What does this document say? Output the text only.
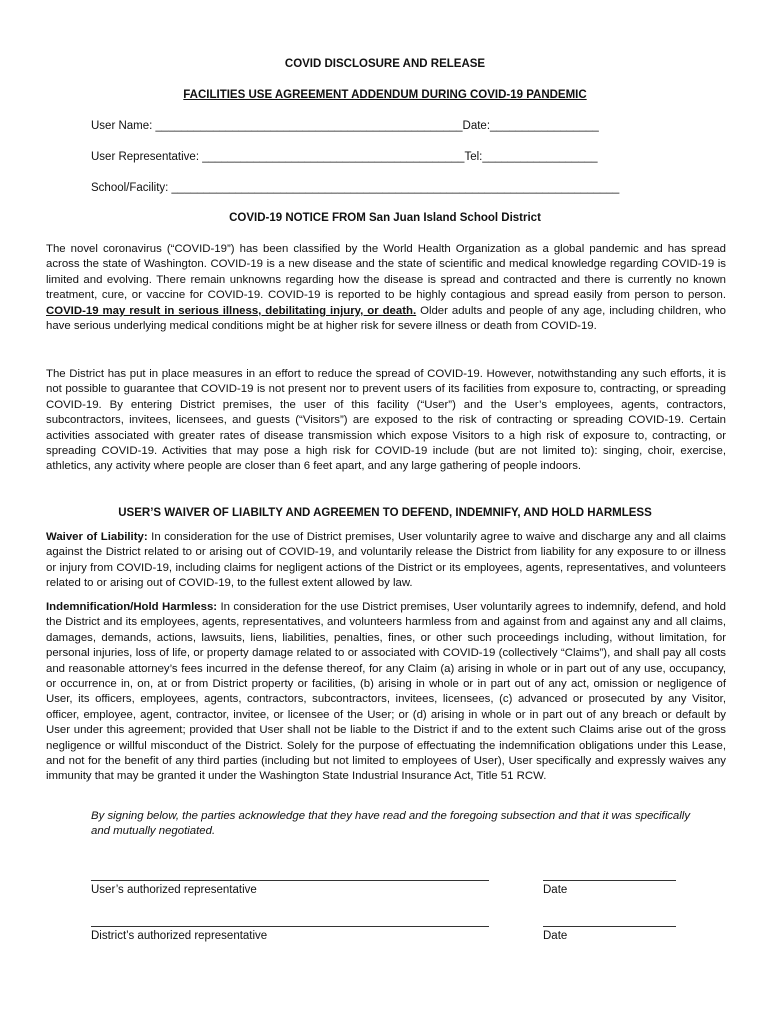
COVID DISCLOSURE AND RELEASE
FACILITIES USE AGREEMENT ADDENDUM DURING COVID-19 PANDEMIC
User Name: ________________________________________________Date:_________________
User Representative: _________________________________________Tel:__________________
School/Facility: ______________________________________________________________________
COVID-19 NOTICE FROM San Juan Island School District

The novel coronavirus (“COVID-19”) has been classified by the World Health Organization as a global pandemic and has spread across the state of Washington. COVID-19 is a new disease and the state of scientific and medical knowledge regarding COVID-19 is limited and evolving. There remain unknowns regarding how the disease is spread and contracted and there is currently no known treatment, cure, or vaccine for COVID-19. COVID-19 is reported to be highly contagious and spread easily from person to person. COVID-19 may result in serious illness, debilitating injury, or death. Older adults and people of any age, including children, who have serious underlying medical conditions might be at higher risk for severe illness or death from COVID-19.

The District has put in place measures in an effort to reduce the spread of COVID-19. However, notwithstanding any such efforts, it is not possible to guarantee that COVID-19 is not present nor to prevent users of its facilities from exposure to, contracting, or spreading COVID-19. By entering District premises, the user of this facility (“User”) and the User’s employees, agents, contractors, subcontractors, invitees, licensees, and guests (“Visitors”) are exposed to the risk of contracting or spreading COVID-19. Certain activities associated with greater rates of disease transmission which expose Visitors to a high risk of exposure to, contracting, or spreading COVID-19. Activities that may pose a high risk for COVID-19 include (but are not limited to): singing, choir, exercise, athletics, any activity where people are closer than 6 feet apart, and any large gathering of people indoors.

USER’S WAIVER OF LIABILTY AND AGREEMEN TO DEFEND, INDEMNIFY, AND HOLD HARMLESS

Waiver of Liability: In consideration for the use of District premises, User voluntarily agree to waive and discharge any and all claims against the District related to or arising out of COVID-19, and voluntarily release the District from liability for any exposure to or illness or injury from COVID-19, including claims for negligent actions of the District or its employees, agents, representatives, and volunteers related to or arising out of COVID-19, to the fullest extent allowed by law.

Indemnification/Hold Harmless: In consideration for the use District premises, User voluntarily agrees to indemnify, defend, and hold the District and its employees, agents, representatives, and volunteers harmless from and against from and against any and all claims, damages, demands, actions, lawsuits, liens, liabilities, penalties, fines, or other such proceedings including, without limitation, for personal injuries, loss of life, or property damage related to or associated with COVID-19 (collectively “Claims”), and shall pay all costs and reasonable attorney’s fees incurred in the defense thereof, for any Claim (a) arising in whole or in part out of any use, occupancy, or occurrence in, on, at or from District property or facilities, (b) arising in whole or in part out of any act, omission or negligence of User, its officers, employees, agents, contractors, subcontractors, invitees, licensees, (c) advanced or prosecuted by any Visitor, officer, employee, agent, contractor, invitee, or licensee of the User; or (d) arising in whole or in part out of any breach or default by User under this agreement; provided that User shall not be liable to the District if and to the extent such Claims arise out of the gross negligence or willful misconduct of the District. Solely for the purpose of effectuating the indemnification obligations under this Lease, and not for the benefit of any third parties (including but not limited to employees of User), User specifically and expressly waives any immunity that may be granted it under the Washington State Industrial Insurance Act, Title 51 RCW.

By signing below, the parties acknowledge that they have read and the foregoing subsection and that it was specifically and mutually negotiated.
User’s authorized representative	Date
District’s authorized representative	Date
